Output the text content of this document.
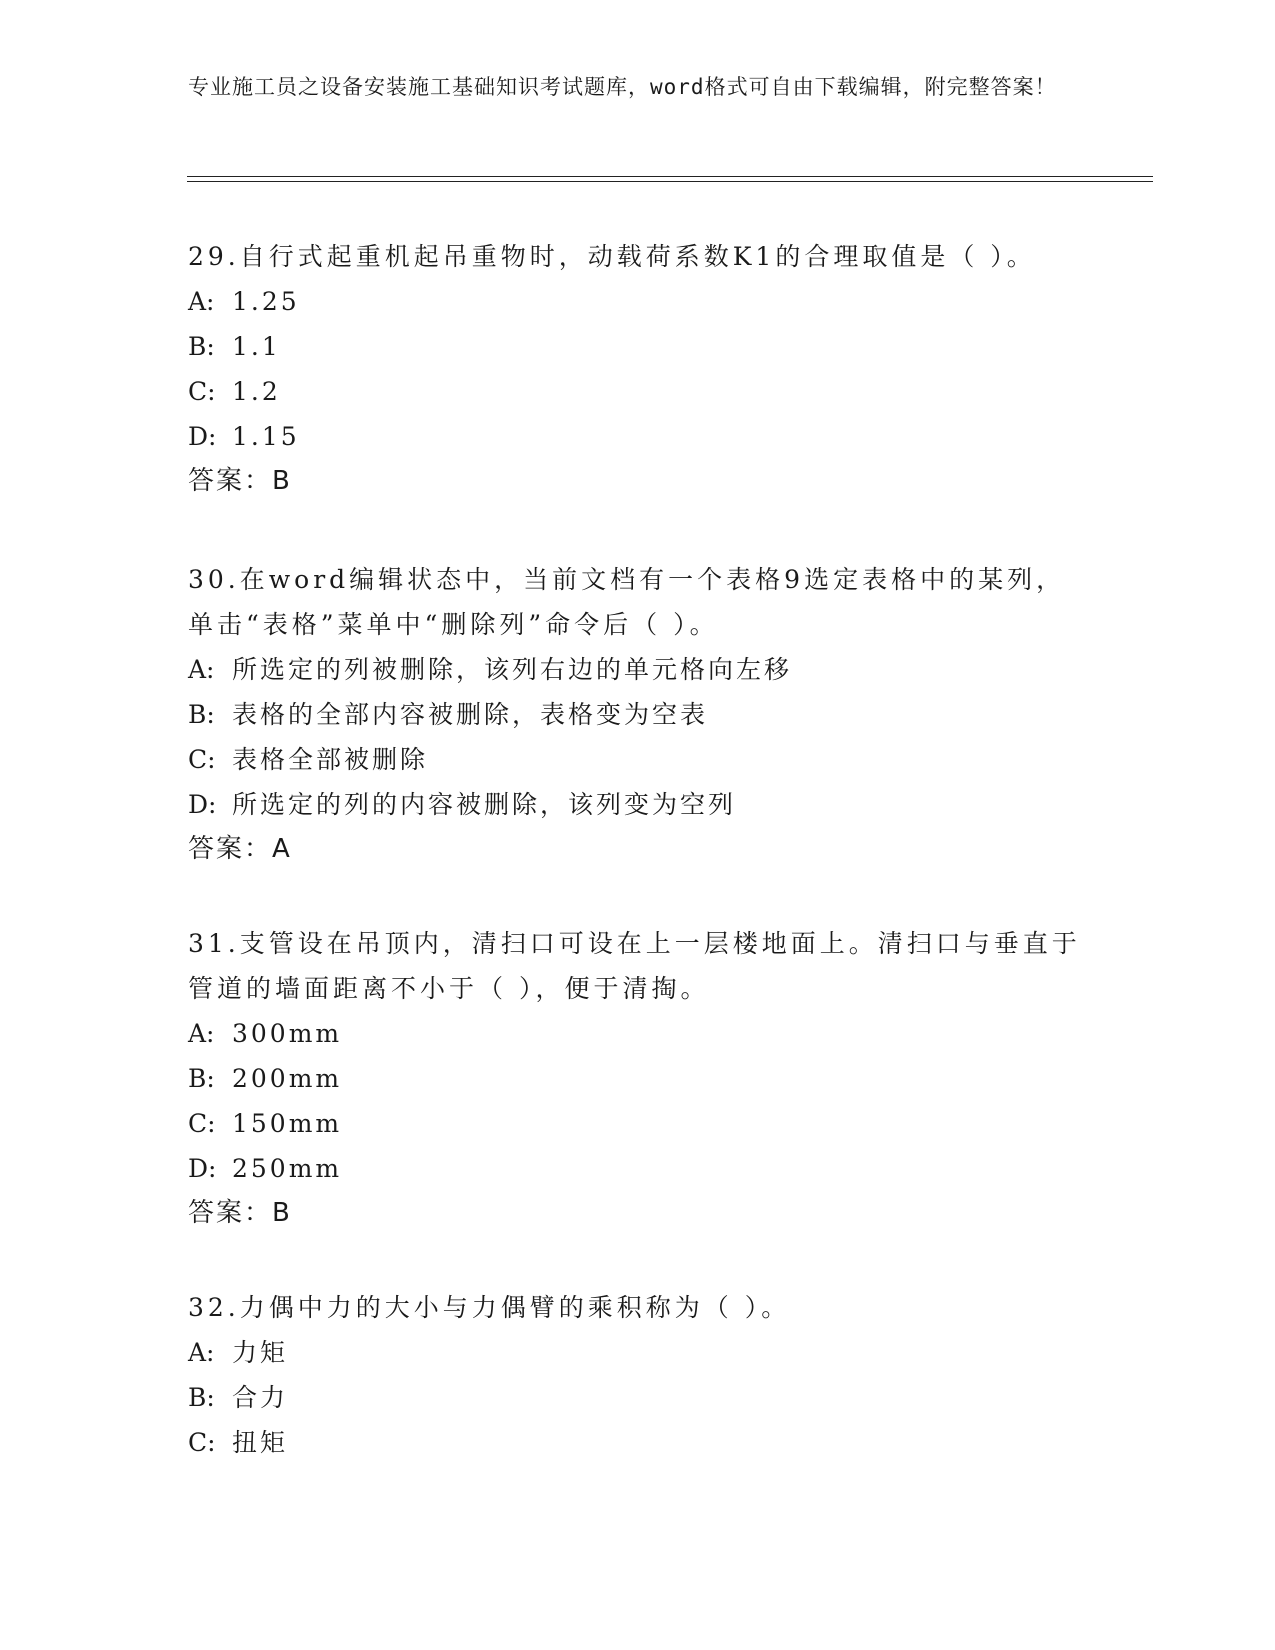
专业施工员之设备安装施工基础知识考试题库，word格式可自由下载编辑，附完整答案！

29.自行式起重机起吊重物时，动载荷系数K1的合理取值是（ ）。

A: 1.25

B: 1.1

C: 1.2

D: 1.15

答案：B

30.在word编辑状态中，当前文档有一个表格9选定表格中的某列，单击“表格”菜单中“删除列”命令后（ ）。

A: 所选定的列被删除，该列右边的单元格向左移

B: 表格的全部内容被删除，表格变为空表

C: 表格全部被删除

D: 所选定的列的内容被删除，该列变为空列

答案：A

31.支管设在吊顶内，清扫口可设在上一层楼地面上。清扫口与垂直于管道的墙面距离不小于（ ），便于清掏。

A: 300mm

B: 200mm

C: 150mm

D: 250mm

答案：B

32.力偶中力的大小与力偶臂的乘积称为（ ）。

A: 力矩

B: 合力

C: 扭矩
